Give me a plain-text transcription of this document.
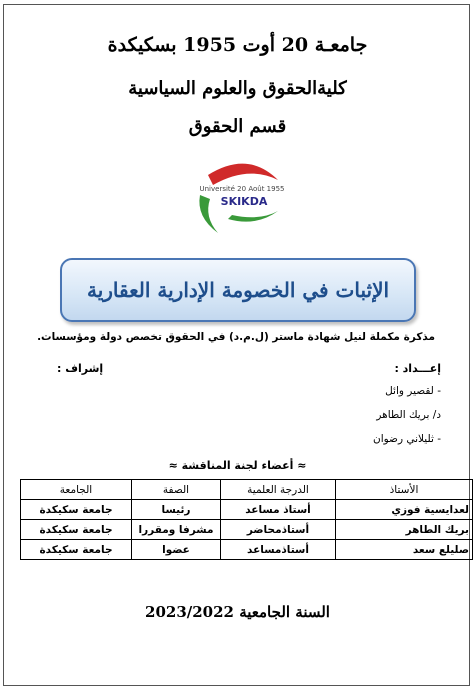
جامعـة 20 أوت 1955 بسكيكدة
كليةالحقوق والعلوم السياسية
قسم الحقوق
Université 20 Août 1955
SKIKDA
الإثبات في الخصومة الإدارية العقارية
مذكرة مكملة لنيل شهادة ماستر (ل.م.د) في الحقوق تخصص دولة ومؤسسات.
إعـــداد :
إشراف :
- لقصير وائل
د/ بريك الطاهر
- ثليلاني رضوان
≈ أعضاء لجنة المناقشة ≈
الأستاذ	الدرجة العلمية	الصفة	الجامعة
لعدايسية فوزي	أستاذ مساعد	رئيسا	جامعة سكيكدة
بريك الطاهر	أستاذمحاضر	مشرفا ومقررا	جامعة سكيكدة
صليلع سعد	أستاذمساعد	عضوا	جامعة سكيكدة
السنة الجامعية 2023/2022
